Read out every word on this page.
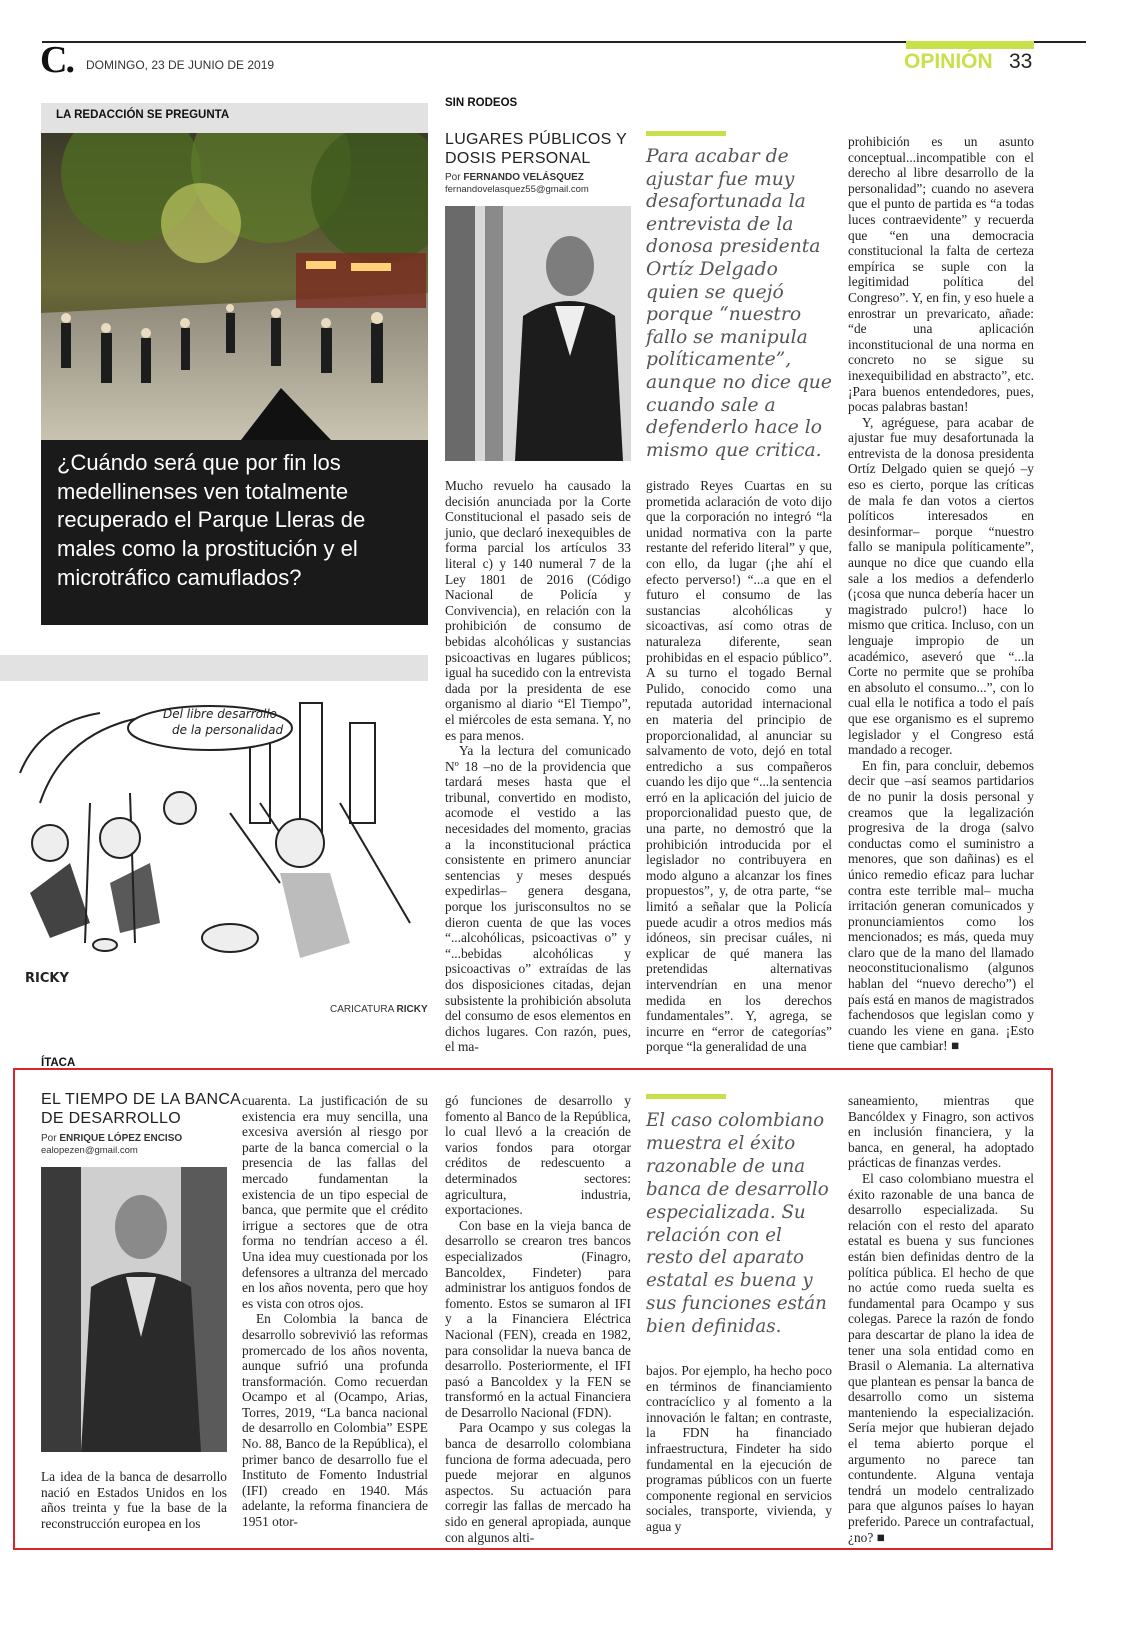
C. DOMINGO, 23 DE JUNIO DE 2019	OPINIÓN 33
LA REDACCIÓN SE PREGUNTA
¿Cuándo será que por fin los medellinenses ven totalmente recuperado el Parque Lleras de males como la prostitución y el microtráfico camuflados?
Del libre desarrollo
de la personalidad
RICKY
CARICATURA RICKY
SIN RODEOS
LUGARES PÚBLICOS Y
DOSIS PERSONAL
Por FERNANDO VELÁSQUEZ
fernandovelasquez55@gmail.com
Para acabar de ajustar fue muy desafortunada la entrevista de la donosa presidenta Ortíz Delgado quien se quejó porque “nuestro fallo se manipula políticamente”, aunque no dice que cuando sale a defenderlo hace lo mismo que critica.

Mucho revuelo ha causado la decisión anunciada por la Corte Constitucional el pasado seis de junio, que declaró inexequibles de forma parcial los artículos 33 literal c) y 140 numeral 7 de la Ley 1801 de 2016 (Código Nacional de Policía y Convivencia), en relación con la prohibición de consumo de bebidas alcohólicas y sustancias psicoactivas en lugares públicos; igual ha sucedido con la entrevista dada por la presidenta de ese organismo al diario “El Tiempo”, el miércoles de esta semana. Y, no es para menos.

Ya la lectura del comunicado Nº 18 –no de la providencia que tardará meses hasta que el tribunal, convertido en modisto, acomode el vestido a las necesidades del momento, gracias a la inconstitucional práctica consistente en primero anunciar sentencias y meses después expedirlas– genera desgana, porque los jurisconsultos no se dieron cuenta de que las voces “...alcohólicas, psicoactivas o” y “...bebidas alcohólicas y psicoactivas o” extraídas de las dos disposiciones citadas, dejan subsistente la prohibición absoluta del consumo de esos elementos en dichos lugares. Con razón, pues, el ma-

gistrado Reyes Cuartas en su prometida aclaración de voto dijo que la corporación no integró “la unidad normativa con la parte restante del referido literal” y que, con ello, da lugar (¡he ahí el efecto perverso!) “...a que en el futuro el consumo de las sustancias alcohólicas y sicoactivas, así como otras de naturaleza diferente, sean prohibidas en el espacio público”. A su turno el togado Bernal Pulido, conocido como una reputada autoridad internacional en materia del principio de proporcionalidad, al anunciar su salvamento de voto, dejó en total entredicho a sus compañeros cuando les dijo que “...la sentencia erró en la aplicación del juicio de proporcionalidad puesto que, de una parte, no demostró que la prohibición introducida por el legislador no contribuyera en modo alguno a alcanzar los fines propuestos”, y, de otra parte, “se limitó a señalar que la Policía puede acudir a otros medios más idóneos, sin precisar cuáles, ni explicar de qué manera las pretendidas alternativas intervendrían en una menor medida en los derechos fundamentales”. Y, agrega, se incurre en “error de categorías” porque “la generalidad de una

prohibición es un asunto conceptual...incompatible con el derecho al libre desarrollo de la personalidad”; cuando no asevera que el punto de partida es “a todas luces contraevidente” y recuerda que “en una democracia constitucional la falta de certeza empírica se suple con la legitimidad política del Congreso”. Y, en fin, y eso huele a enrostrar un prevaricato, añade: “de una aplicación inconstitucional de una norma en concreto no se sigue su inexequibilidad en abstracto”, etc. ¡Para buenos entendedores, pues, pocas palabras bastan!

Y, agréguese, para acabar de ajustar fue muy desafortunada la entrevista de la donosa presidenta Ortíz Delgado quien se quejó –y eso es cierto, porque las críticas de mala fe dan votos a ciertos políticos interesados en desinformar– porque “nuestro fallo se manipula políticamente”, aunque no dice que cuando ella sale a los medios a defenderlo (¡cosa que nunca debería hacer un magistrado pulcro!) hace lo mismo que critica. Incluso, con un lenguaje impropio de un académico, aseveró que “...la Corte no permite que se prohíba en absoluto el consumo...”, con lo cual ella le notifica a todo el país que ese organismo es el supremo legislador y el Congreso está mandado a recoger.

En fin, para concluir, debemos decir que –así seamos partidarios de no punir la dosis personal y creamos que la legalización progresiva de la droga (salvo conductas como el suministro a menores, que son dañinas) es el único remedio eficaz para luchar contra este terrible mal– mucha irritación generan comunicados y pronunciamientos como los mencionados; es más, queda muy claro que de la mano del llamado neoconstitucionalismo (algunos hablan del “nuevo derecho”) el país está en manos de magistrados fachendosos que legislan como y cuando les viene en gana. ¡Esto tiene que cambiar! ■

ÍTACA
EL TIEMPO DE LA BANCA
DE DESARROLLO
Por ENRIQUE LÓPEZ ENCISO
ealopezen@gmail.com

La idea de la banca de desarrollo nació en Estados Unidos en los años treinta y fue la base de la reconstrucción europea en los

cuarenta. La justificación de su existencia era muy sencilla, una excesiva aversión al riesgo por parte de la banca comercial o la presencia de las fallas del mercado fundamentan la existencia de un tipo especial de banca, que permite que el crédito irrigue a sectores que de otra forma no tendrían acceso a él. Una idea muy cuestionada por los defensores a ultranza del mercado en los años noventa, pero que hoy es vista con otros ojos.

En Colombia la banca de desarrollo sobrevivió las reformas promercado de los años noventa, aunque sufrió una profunda transformación. Como recuerdan Ocampo et al (Ocampo, Arias, Torres, 2019, “La banca nacional de desarrollo en Colombia” ESPE No. 88, Banco de la República), el primer banco de desarrollo fue el Instituto de Fomento Industrial (IFI) creado en 1940. Más adelante, la reforma financiera de 1951 otor-

gó funciones de desarrollo y fomento al Banco de la República, lo cual llevó a la creación de varios fondos para otorgar créditos de redescuento a determinados sectores: agricultura, industria, exportaciones.

Con base en la vieja banca de desarrollo se crearon tres bancos especializados (Finagro, Bancoldex, Findeter) para administrar los antiguos fondos de fomento. Estos se sumaron al IFI y a la Financiera Eléctrica Nacional (FEN), creada en 1982, para consolidar la nueva banca de desarrollo. Posteriormente, el IFI pasó a Bancoldex y la FEN se transformó en la actual Financiera de Desarrollo Nacional (FDN).

Para Ocampo y sus colegas la banca de desarrollo colombiana funciona de forma adecuada, pero puede mejorar en algunos aspectos. Su actuación para corregir las fallas de mercado ha sido en general apropiada, aunque con algunos alti-

El caso colombiano muestra el éxito razonable de una banca de desarrollo especializada. Su relación con el resto del aparato estatal es buena y sus funciones están bien definidas.

bajos. Por ejemplo, ha hecho poco en términos de financiamiento contracíclico y al fomento a la innovación le faltan; en contraste, la FDN ha financiado infraestructura, Findeter ha sido fundamental en la ejecución de programas públicos con un fuerte componente regional en servicios sociales, transporte, vivienda, y agua y

saneamiento, mientras que Bancóldex y Finagro, son activos en inclusión financiera, y la banca, en general, ha adoptado prácticas de finanzas verdes.

El caso colombiano muestra el éxito razonable de una banca de desarrollo especializada. Su relación con el resto del aparato estatal es buena y sus funciones están bien definidas dentro de la política pública. El hecho de que no actúe como rueda suelta es fundamental para Ocampo y sus colegas. Parece la razón de fondo para descartar de plano la idea de tener una sola entidad como en Brasil o Alemania. La alternativa que plantean es pensar la banca de desarrollo como un sistema manteniendo la especialización. Sería mejor que hubieran dejado el tema abierto porque el argumento no parece tan contundente. Alguna ventaja tendrá un modelo centralizado para que algunos países lo hayan preferido. Parece un contrafactual, ¿no? ■
